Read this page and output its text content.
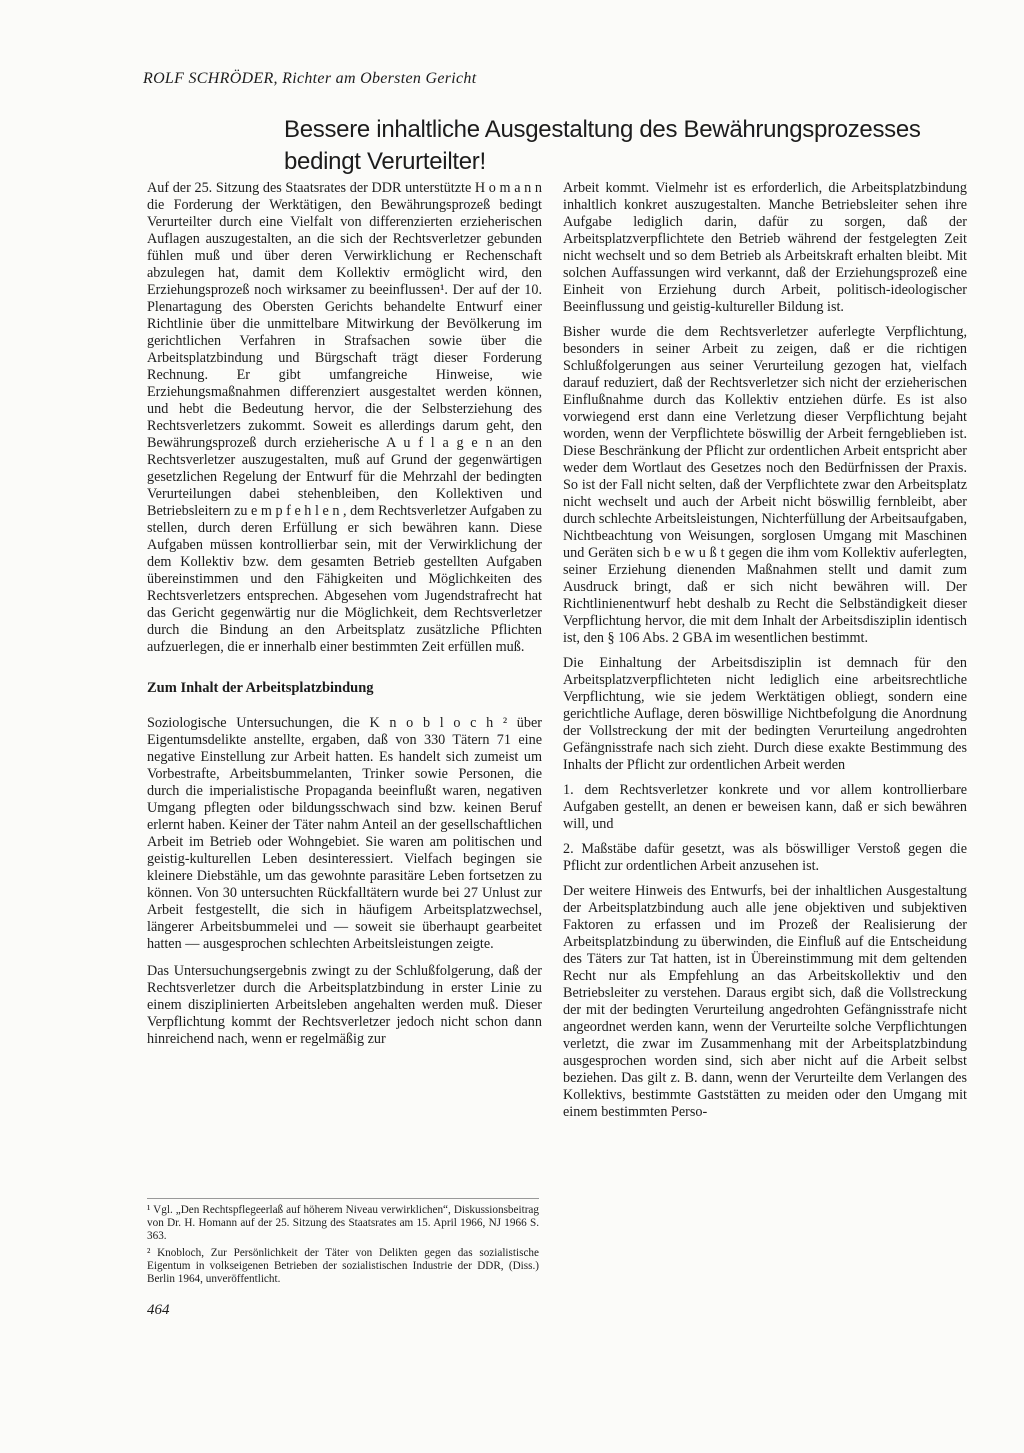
ROLF SCHRÖDER, Richter am Obersten Gericht
Bessere inhaltliche Ausgestaltung des Bewährungsprozesses
bedingt Verurteilter!

Auf der 25. Sitzung des Staatsrates der DDR unterstützte H o m a n n die Forderung der Werktätigen, den Bewährungsprozeß bedingt Verurteilter durch eine Vielfalt von differenzierten erzieherischen Auflagen auszugestalten, an die sich der Rechtsverletzer gebunden fühlen muß und über deren Verwirklichung er Rechenschaft abzulegen hat, damit dem Kollektiv ermöglicht wird, den Erziehungsprozeß noch wirksamer zu beeinflussen¹. Der auf der 10. Plenartagung des Obersten Gerichts behandelte Entwurf einer Richtlinie über die unmittelbare Mitwirkung der Bevölkerung im gerichtlichen Verfahren in Strafsachen sowie über die Arbeitsplatzbindung und Bürgschaft trägt dieser Forderung Rechnung. Er gibt umfangreiche Hinweise, wie Erziehungsmaßnahmen differenziert ausgestaltet werden können, und hebt die Bedeutung hervor, die der Selbsterziehung des Rechtsverletzers zukommt. Soweit es allerdings darum geht, den Bewährungsprozeß durch erzieherische A u f l a g e n an den Rechtsverletzer auszugestalten, muß auf Grund der gegenwärtigen gesetzlichen Regelung der Entwurf für die Mehrzahl der bedingten Verurteilungen dabei stehenbleiben, den Kollektiven und Betriebsleitern zu e m p f e h l e n , dem Rechtsverletzer Aufgaben zu stellen, durch deren Erfüllung er sich bewähren kann. Diese Aufgaben müssen kontrollierbar sein, mit der Verwirklichung der dem Kollektiv bzw. dem gesamten Betrieb gestellten Aufgaben übereinstimmen und den Fähigkeiten und Möglichkeiten des Rechtsverletzers entsprechen. Abgesehen vom Jugendstrafrecht hat das Gericht gegenwärtig nur die Möglichkeit, dem Rechtsverletzer durch die Bindung an den Arbeitsplatz zusätzliche Pflichten aufzuerlegen, die er innerhalb einer bestimmten Zeit erfüllen muß.

Zum Inhalt der Arbeitsplatzbindung

Soziologische Untersuchungen, die K n o b l o c h ² über Eigentumsdelikte anstellte, ergaben, daß von 330 Tätern 71 eine negative Einstellung zur Arbeit hatten. Es handelt sich zumeist um Vorbestrafte, Arbeitsbummelanten, Trinker sowie Personen, die durch die imperialistische Propaganda beeinflußt waren, negativen Umgang pflegten oder bildungsschwach sind bzw. keinen Beruf erlernt haben. Keiner der Täter nahm Anteil an der gesellschaftlichen Arbeit im Betrieb oder Wohngebiet. Sie waren am politischen und geistig-kulturellen Leben desinteressiert. Vielfach begingen sie kleinere Diebstähle, um das gewohnte parasitäre Leben fortsetzen zu können. Von 30 untersuchten Rückfalltätern wurde bei 27 Unlust zur Arbeit festgestellt, die sich in häufigem Arbeitsplatzwechsel, längerer Arbeitsbummelei und — soweit sie überhaupt gearbeitet hatten — ausgesprochen schlechten Arbeitsleistungen zeigte.

Das Untersuchungsergebnis zwingt zu der Schlußfolgerung, daß der Rechtsverletzer durch die Arbeitsplatzbindung in erster Linie zu einem disziplinierten Arbeitsleben angehalten werden muß. Dieser Verpflichtung kommt der Rechtsverletzer jedoch nicht schon dann hinreichend nach, wenn er regelmäßig zur

¹ Vgl. „Den Rechtspflegeerlaß auf höherem Niveau verwirklichen“, Diskussionsbeitrag von Dr. H. Homann auf der 25. Sitzung des Staatsrates am 15. April 1966, NJ 1966 S. 363.

² Knobloch, Zur Persönlichkeit der Täter von Delikten gegen das sozialistische Eigentum in volkseigenen Betrieben der sozialistischen Industrie der DDR, (Diss.) Berlin 1964, unveröffentlicht.

464

Arbeit kommt. Vielmehr ist es erforderlich, die Arbeitsplatzbindung inhaltlich konkret auszugestalten. Manche Betriebsleiter sehen ihre Aufgabe lediglich darin, dafür zu sorgen, daß der Arbeitsplatzverpflichtete den Betrieb während der festgelegten Zeit nicht wechselt und so dem Betrieb als Arbeitskraft erhalten bleibt. Mit solchen Auffassungen wird verkannt, daß der Erziehungsprozeß eine Einheit von Erziehung durch Arbeit, politisch-ideologischer Beeinflussung und geistig-kultureller Bildung ist.

Bisher wurde die dem Rechtsverletzer auferlegte Verpflichtung, besonders in seiner Arbeit zu zeigen, daß er die richtigen Schlußfolgerungen aus seiner Verurteilung gezogen hat, vielfach darauf reduziert, daß der Rechtsverletzer sich nicht der erzieherischen Einflußnahme durch das Kollektiv entziehen dürfe. Es ist also vorwiegend erst dann eine Verletzung dieser Verpflichtung bejaht worden, wenn der Verpflichtete böswillig der Arbeit ferngeblieben ist. Diese Beschränkung der Pflicht zur ordentlichen Arbeit entspricht aber weder dem Wortlaut des Gesetzes noch den Bedürfnissen der Praxis. So ist der Fall nicht selten, daß der Verpflichtete zwar den Arbeitsplatz nicht wechselt und auch der Arbeit nicht böswillig fernbleibt, aber durch schlechte Arbeitsleistungen, Nichterfüllung der Arbeitsaufgaben, Nichtbeachtung von Weisungen, sorglosen Umgang mit Maschinen und Geräten sich b e w u ß t gegen die ihm vom Kollektiv auferlegten, seiner Erziehung dienenden Maßnahmen stellt und damit zum Ausdruck bringt, daß er sich nicht bewähren will. Der Richtlinienentwurf hebt deshalb zu Recht die Selbständigkeit dieser Verpflichtung hervor, die mit dem Inhalt der Arbeitsdisziplin identisch ist, den § 106 Abs. 2 GBA im wesentlichen bestimmt.

Die Einhaltung der Arbeitsdisziplin ist demnach für den Arbeitsplatzverpflichteten nicht lediglich eine arbeitsrechtliche Verpflichtung, wie sie jedem Werktätigen obliegt, sondern eine gerichtliche Auflage, deren böswillige Nichtbefolgung die Anordnung der Vollstreckung der mit der bedingten Verurteilung angedrohten Gefängnisstrafe nach sich zieht. Durch diese exakte Bestimmung des Inhalts der Pflicht zur ordentlichen Arbeit werden

1. dem Rechtsverletzer konkrete und vor allem kontrollierbare Aufgaben gestellt, an denen er beweisen kann, daß er sich bewähren will, und

2. Maßstäbe dafür gesetzt, was als böswilliger Verstoß gegen die Pflicht zur ordentlichen Arbeit anzusehen ist.

Der weitere Hinweis des Entwurfs, bei der inhaltlichen Ausgestaltung der Arbeitsplatzbindung auch alle jene objektiven und subjektiven Faktoren zu erfassen und im Prozeß der Realisierung der Arbeitsplatzbindung zu überwinden, die Einfluß auf die Entscheidung des Täters zur Tat hatten, ist in Übereinstimmung mit dem geltenden Recht nur als Empfehlung an das Arbeitskollektiv und den Betriebsleiter zu verstehen. Daraus ergibt sich, daß die Vollstreckung der mit der bedingten Verurteilung angedrohten Gefängnisstrafe nicht angeordnet werden kann, wenn der Verurteilte solche Verpflichtungen verletzt, die zwar im Zusammenhang mit der Arbeitsplatzbindung ausgesprochen worden sind, sich aber nicht auf die Arbeit selbst beziehen. Das gilt z. B. dann, wenn der Verurteilte dem Verlangen des Kollektivs, bestimmte Gaststätten zu meiden oder den Umgang mit einem bestimmten Perso-
